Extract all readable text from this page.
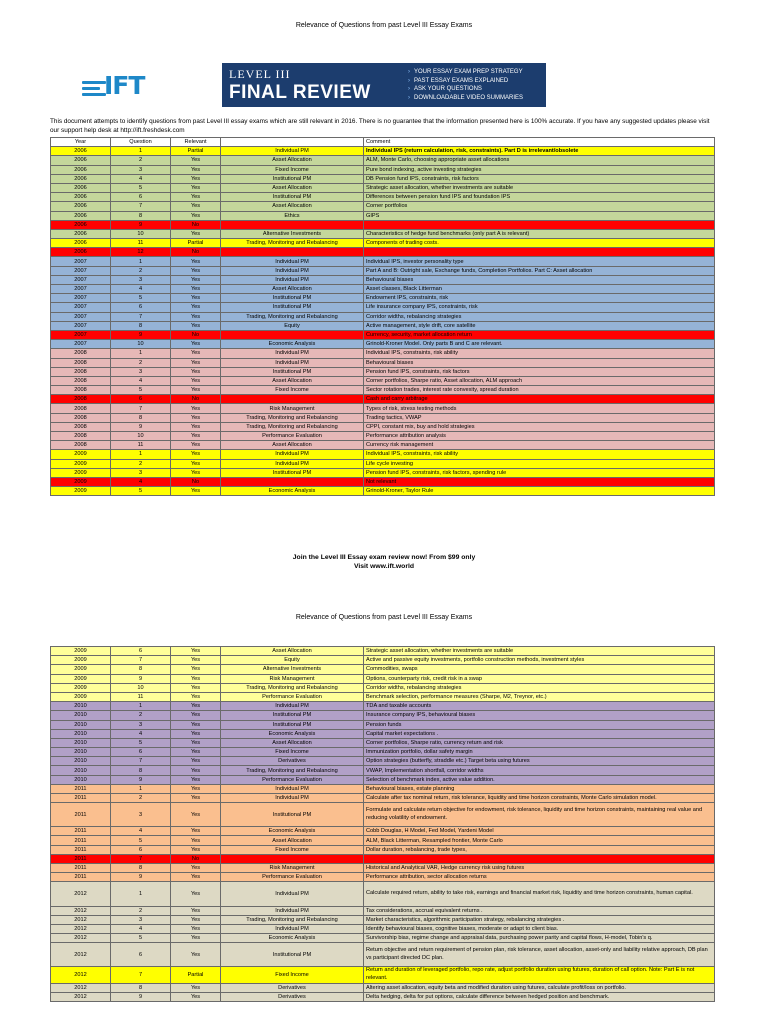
Relevance of Questions from past Level III Essay Exams
IFT	LEVEL III
FINAL REVIEW
› YOUR ESSAY EXAM PREP STRATEGY
› PAST ESSAY EXAMS EXPLAINED
› ASK YOUR QUESTIONS
› DOWNLOADABLE VIDEO SUMMARIES
This document attempts to identify questions from past Level III essay exams which are still relevant in 2016. There is no guarantee that the information presented here is 100% accurate. If you have any suggested updates please visit our support help desk at http://ift.freshdesk.com
Year	Question	Relevant		Comment
2006	1	Partial	Individual PM	Individual IPS (return calculation, risk, constraints). Part D is irrelevant/obsolete
2006	2	Yes	Asset Allocation	ALM, Monte Carlo, choosing appropriate asset allocations
2006	3	Yes	Fixed Income	Pure bond indexing, active investing strategies
2006	4	Yes	Institutional PM	DB Pension fund IPS, constraints, risk factors
2006	5	Yes	Asset Allocation	Strategic asset allocation, whether investments are suitable
2006	6	Yes	Institutional PM	Differences between pension fund IPS and foundation IPS
2006	7	Yes	Asset Allocation	Corner portfolios
2006	8	Yes	Ethics	GIPS
2006	9	No		
2006	10	Yes	Alternative Investments	Characteristics of hedge fund benchmarks (only part A is relevant)
2006	11	Partial	Trading, Monitoring and Rebalancing	Components of trading costs.
2006	12	No		
2007	1	Yes	Individual PM	Individual IPS, investor personality type
2007	2	Yes	Individual PM	Part A and B: Outright sale, Exchange funds, Completion Portfolios. Part C: Asset allocation
2007	3	Yes	Individual PM	Behavioural biases
2007	4	Yes	Asset Allocation	Asset classes, Black Litterman
2007	5	Yes	Institutional PM	Endowment IPS, constraints, risk
2007	6	Yes	Institutional PM	Life insurance company IPS, constraints, risk
2007	7	Yes	Trading, Monitoring and Rebalancing	Corridor widths, rebalancing strategies
2007	8	Yes	Equity	Active management, style drift, core satellite
2007	9	No		Currency, security, market allocation return
2007	10	Yes	Economic Analysis	Grinold-Kroner Model. Only parts B and C are relevant.
2008	1	Yes	Individual PM	Individual IPS, constraints, risk ability
2008	2	Yes	Individual PM	Behavioural biases
2008	3	Yes	Institutional PM	Pension fund IPS, constraints, risk factors
2008	4	Yes	Asset Allocation	Corner portfolios, Sharpe ratio, Asset allocation, ALM approach
2008	5	Yes	Fixed Income	Sector rotation trades, interest rate convexity, spread duration
2008	6	No		Cash and carry arbitrage
2008	7	Yes	Risk Management	Types of risk, stress testing methods
2008	8	Yes	Trading, Monitoring and Rebalancing	Trading tactics, VWAP
2008	9	Yes	Trading, Monitoring and Rebalancing	CPPI, constant mix, buy and hold strategies
2008	10	Yes	Performance Evaluation	Performance attribution analysis
2008	11	Yes	Asset Allocation	Currency risk management
2009	1	Yes	Individual PM	Individual IPS, constraints, risk ability
2009	2	Yes	Individual PM	Life cycle investing
2009	3	Yes	Institutional PM	Pension fund IPS, constraints, risk factors, spending rule
2009	4	No		Not relevant
2009	5	Yes	Economic Analysis	Grinold-Kroner, Taylor Rule
Join the Level III Essay exam review now! From $99 only
Visit www.ift.world
Relevance of Questions from past Level III Essay Exams
2009	6	Yes	Asset Allocation	Strategic asset allocation, whether investments are suitable
2009	7	Yes	Equity	Active and passive equity investments, portfolio construction methods, investment styles
2009	8	Yes	Alternative Investments	Commodities, swaps
2009	9	Yes	Risk Management	Options, counterparty risk, credit risk in a swap
2009	10	Yes	Trading, Monitoring and Rebalancing	Corridor widths, rebalancing strategies
2009	11	Yes	Performance Evaluation	Benchmark selection, performance measures (Sharpe, M2, Treynor, etc.)
2010	1	Yes	Individual PM	TDA and taxable accounts
2010	2	Yes	Institutional PM	Insurance company IPS, behavioural biases
2010	3	Yes	Institutional PM	Pension funds
2010	4	Yes	Economic Analysis	Capital market expectations .
2010	5	Yes	Asset Allocation	Corner portfolios, Sharpe ratio, currency return and risk
2010	6	Yes	Fixed Income	Immunization portfolio, dollar safety margin
2010	7	Yes	Derivatives	Option strategies (butterfly, straddle etc.) Target beta using futures
2010	8	Yes	Trading, Monitoring and Rebalancing	VWAP, Implementation shortfall, corridor widths
2010	9	Yes	Performance Evaluation	Selection of benchmark index, active value addition.
2011	1	Yes	Individual PM	Behavioural biases, estate planning
2011	2	Yes	Individual PM	Calculate after tax nominal return, risk tolerance, liquidity and time horizon constraints, Monte Carlo simulation model.
2011	3	Yes	Institutional PM	Formulate and calculate return objective for endowment, risk tolerance, liquidity and time horizon constraints, maintaining real value and reducing volatility of endowment.
2011	4	Yes	Economic Analysis	Cobb Douglas, H Model, Fed Model, Yardeni Model
2011	5	Yes	Asset Allocation	ALM, Black Litterman, Resampled frontier, Monte Carlo
2011	6	Yes	Fixed Income	Dollar duration, rebalancing, trade types,
2011	7	No		
2011	8	Yes	Risk Management	Historical and Analytical VAR, Hedge currency risk using futures
2011	9	Yes	Performance Evaluation	Performance attribution, sector allocation returns
2012	1	Yes	Individual PM	Calculate required return, ability to take risk, earnings and financial market risk, liquidity and time horizon constraints, human capital.
2012	2	Yes	Individual PM	Tax considerations, accrual equivalent returns .
2012	3	Yes	Trading, Monitoring and Rebalancing	Market characteristics, algorithmic participation strategy, rebalancing strategies .
2012	4	Yes	Individual PM	Identify behavioural biases, cognitive biases, moderate or adapt to client bias.
2012	5	Yes	Economic Analysis	Survivorship bias, regime change and appraisal data, purchasing power parity and capital flows, H-model, Tobin's q.
2012	6	Yes	Institutional PM	Return objective and return requirement of pension plan, risk tolerance, asset allocation, asset-only and liability relative approach, DB plan vs participant directed DC plan.
2012	7	Partial	Fixed Income	Return and duration of leveraged portfolio, repo rate, adjust portfolio duration using futures, duration of call option. Note: Part E is not relevant.
2012	8	Yes	Derivatives	Altering asset allocation, equity beta and modified duration using futures, calculate profit/loss on portfolio.
2012	9	Yes	Derivatives	Delta hedging, delta for put options, calculate difference between hedged position and benchmark.
